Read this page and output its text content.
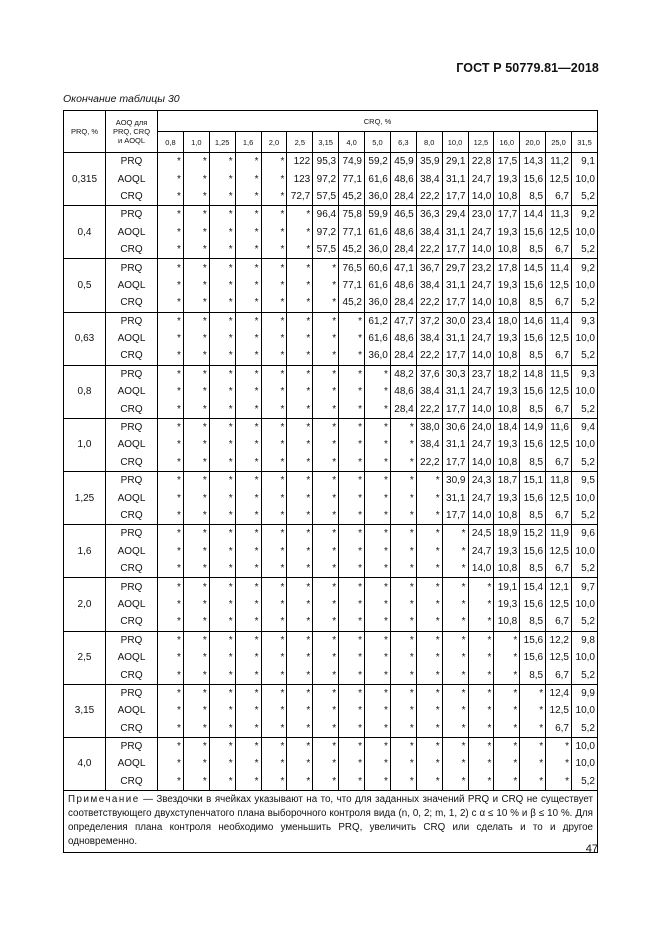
ГОСТ Р 50779.81—2018
Окончание таблицы 30
PRQ, %	AOQ для PRQ, CRQ и AOQL	CRQ, %																
		0,8	1,0	1,25	1,6	2,0	2,5	3,15	4,0	5,0	6,3	8,0	10,0	12,5	16,0	20,0	25,0	31,5
0,315	PRQ	*	*	*	*	*	122	95,3	74,9	59,2	45,9	35,9	29,1	22,8	17,5	14,3	11,2	9,1
	AOQL	*	*	*	*	*	123	97,2	77,1	61,6	48,6	38,4	31,1	24,7	19,3	15,6	12,5	10,0
	CRQ	*	*	*	*	*	72,7	57,5	45,2	36,0	28,4	22,2	17,7	14,0	10,8	8,5	6,7	5,2
0,4	PRQ	*	*	*	*	*	*	96,4	75,8	59,9	46,5	36,3	29,4	23,0	17,7	14,4	11,3	9,2
	AOQL	*	*	*	*	*	*	97,2	77,1	61,6	48,6	38,4	31,1	24,7	19,3	15,6	12,5	10,0
	CRQ	*	*	*	*	*	*	57,5	45,2	36,0	28,4	22,2	17,7	14,0	10,8	8,5	6,7	5,2
0,5	PRQ	*	*	*	*	*	*	*	76,5	60,6	47,1	36,7	29,7	23,2	17,8	14,5	11,4	9,2
	AOQL	*	*	*	*	*	*	*	77,1	61,6	48,6	38,4	31,1	24,7	19,3	15,6	12,5	10,0
	CRQ	*	*	*	*	*	*	*	45,2	36,0	28,4	22,2	17,7	14,0	10,8	8,5	6,7	5,2
0,63	PRQ	*	*	*	*	*	*	*	*	61,2	47,7	37,2	30,0	23,4	18,0	14,6	11,4	9,3
	AOQL	*	*	*	*	*	*	*	*	61,6	48,6	38,4	31,1	24,7	19,3	15,6	12,5	10,0
	CRQ	*	*	*	*	*	*	*	*	36,0	28,4	22,2	17,7	14,0	10,8	8,5	6,7	5,2
0,8	PRQ	*	*	*	*	*	*	*	*	*	48,2	37,6	30,3	23,7	18,2	14,8	11,5	9,3
	AOQL	*	*	*	*	*	*	*	*	*	48,6	38,4	31,1	24,7	19,3	15,6	12,5	10,0
	CRQ	*	*	*	*	*	*	*	*	*	28,4	22,2	17,7	14,0	10,8	8,5	6,7	5,2
1,0	PRQ	*	*	*	*	*	*	*	*	*	*	38,0	30,6	24,0	18,4	14,9	11,6	9,4
	AOQL	*	*	*	*	*	*	*	*	*	*	38,4	31,1	24,7	19,3	15,6	12,5	10,0
	CRQ	*	*	*	*	*	*	*	*	*	*	22,2	17,7	14,0	10,8	8,5	6,7	5,2
1,25	PRQ	*	*	*	*	*	*	*	*	*	*	*	30,9	24,3	18,7	15,1	11,8	9,5
	AOQL	*	*	*	*	*	*	*	*	*	*	*	31,1	24,7	19,3	15,6	12,5	10,0
	CRQ	*	*	*	*	*	*	*	*	*	*	*	17,7	14,0	10,8	8,5	6,7	5,2
1,6	PRQ	*	*	*	*	*	*	*	*	*	*	*	*	24,5	18,9	15,2	11,9	9,6
	AOQL	*	*	*	*	*	*	*	*	*	*	*	*	24,7	19,3	15,6	12,5	10,0
	CRQ	*	*	*	*	*	*	*	*	*	*	*	*	14,0	10,8	8,5	6,7	5,2
2,0	PRQ	*	*	*	*	*	*	*	*	*	*	*	*	*	19,1	15,4	12,1	9,7
	AOQL	*	*	*	*	*	*	*	*	*	*	*	*	*	19,3	15,6	12,5	10,0
	CRQ	*	*	*	*	*	*	*	*	*	*	*	*	*	10,8	8,5	6,7	5,2
2,5	PRQ	*	*	*	*	*	*	*	*	*	*	*	*	*	*	15,6	12,2	9,8
	AOQL	*	*	*	*	*	*	*	*	*	*	*	*	*	*	15,6	12,5	10,0
	CRQ	*	*	*	*	*	*	*	*	*	*	*	*	*	*	8,5	6,7	5,2
3,15	PRQ	*	*	*	*	*	*	*	*	*	*	*	*	*	*	*	12,4	9,9
	AOQL	*	*	*	*	*	*	*	*	*	*	*	*	*	*	*	12,5	10,0
	CRQ	*	*	*	*	*	*	*	*	*	*	*	*	*	*	*	6,7	5,2
4,0	PRQ	*	*	*	*	*	*	*	*	*	*	*	*	*	*	*	*	10,0
	AOQL	*	*	*	*	*	*	*	*	*	*	*	*	*	*	*	*	10,0
	CRQ	*	*	*	*	*	*	*	*	*	*	*	*	*	*	*	*	5,2
Примечание — Звездочки в ячейках указывают на то, что для заданных значений PRQ и CRQ не существует соответствующего двухступенчатого плана выборочного контроля вида (n, 0, 2; m, 1, 2) с α ≤ 10 % и β ≤ 10 %. Для определения плана контроля необходимо уменьшить PRQ, увеличить CRQ или сделать и то и другое одновременно.																		
47
